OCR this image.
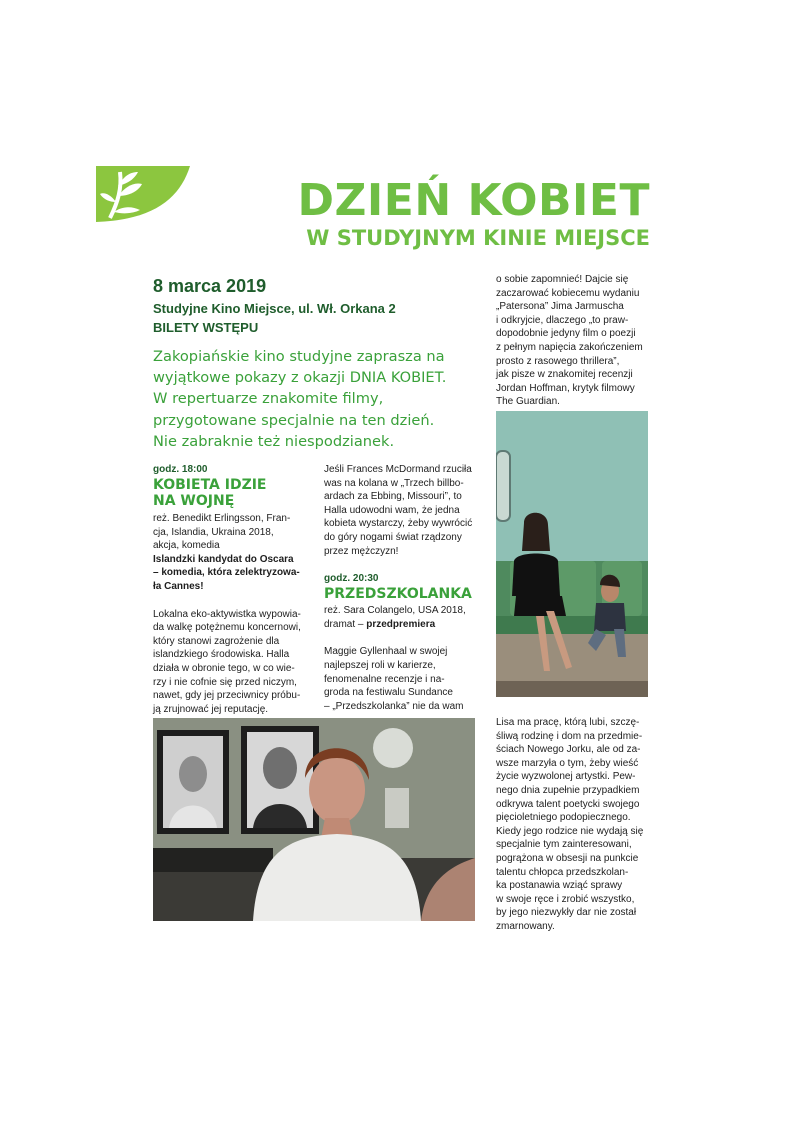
DZIEŃ KOBIET
W STUDYJNYM KINIE MIEJSCE
8 marca 2019
Studyjne Kino Miejsce, ul. Wł. Orkana 2
BILETY WSTĘPU
Zakopiańskie kino studyjne zaprasza na
wyjątkowe pokazy z okazji DNIA KOBIET.
W repertuarze znakomite filmy,
przygotowane specjalnie na ten dzień.
Nie zabraknie też niespodzianek.
godz. 18:00
KOBIETA IDZIE
NA WOJNĘ
reż. Benedikt Erlingsson, Fran-
cja, Islandia, Ukraina 2018,
akcja, komedia
Islandzki kandydat do Oscara
– komedia, która zelektryzowa-
ła Cannes!
Lokalna eko-aktywistka wypowia-
da walkę potężnemu koncernowi,
który stanowi zagrożenie dla
islandzkiego środowiska. Halla
działa w obronie tego, w co wie-
rzy i nie cofnie się przed niczym,
nawet, gdy jej przeciwnicy próbu-
ją zrujnować jej reputację.
Jeśli Frances McDormand rzuciła
was na kolana w „Trzech billbo-
ardach za Ebbing, Missouri”, to
Halla udowodni wam, że jedna
kobieta wystarczy, żeby wywrócić
do góry nogami świat rządzony
przez mężczyzn!
godz. 20:30
PRZEDSZKOLANKA
reż. Sara Colangelo, USA 2018,
dramat – przedpremiera
Maggie Gyllenhaal w swojej
najlepszej roli w karierze,
fenomenalne recenzje i na-
groda na festiwalu Sundance
– „Przedszkolanka” nie da wam
o sobie zapomnieć! Dajcie się
zaczarować kobiecemu wydaniu
„Patersona” Jima Jarmuscha
i odkryjcie, dlaczego „to praw-
dopodobnie jedyny film o poezji
z pełnym napięcia zakończeniem
prosto z rasowego thrillera”,
jak pisze w znakomitej recenzji
Jordan Hoffman, krytyk filmowy
The Guardian.
Lisa ma pracę, którą lubi, szczę-
śliwą rodzinę i dom na przedmie-
ściach Nowego Jorku, ale od za-
wsze marzyła o tym, żeby wieść
życie wyzwolonej artystki. Pew-
nego dnia zupełnie przypadkiem
odkrywa talent poetycki swojego
pięcioletniego podopiecznego.
Kiedy jego rodzice nie wydają się
specjalnie tym zainteresowani,
pogrążona w obsesji na punkcie
talentu chłopca przedszkolan-
ka postanawia wziąć sprawy
w swoje ręce i zrobić wszystko,
by jego niezwykły dar nie został
zmarnowany.
